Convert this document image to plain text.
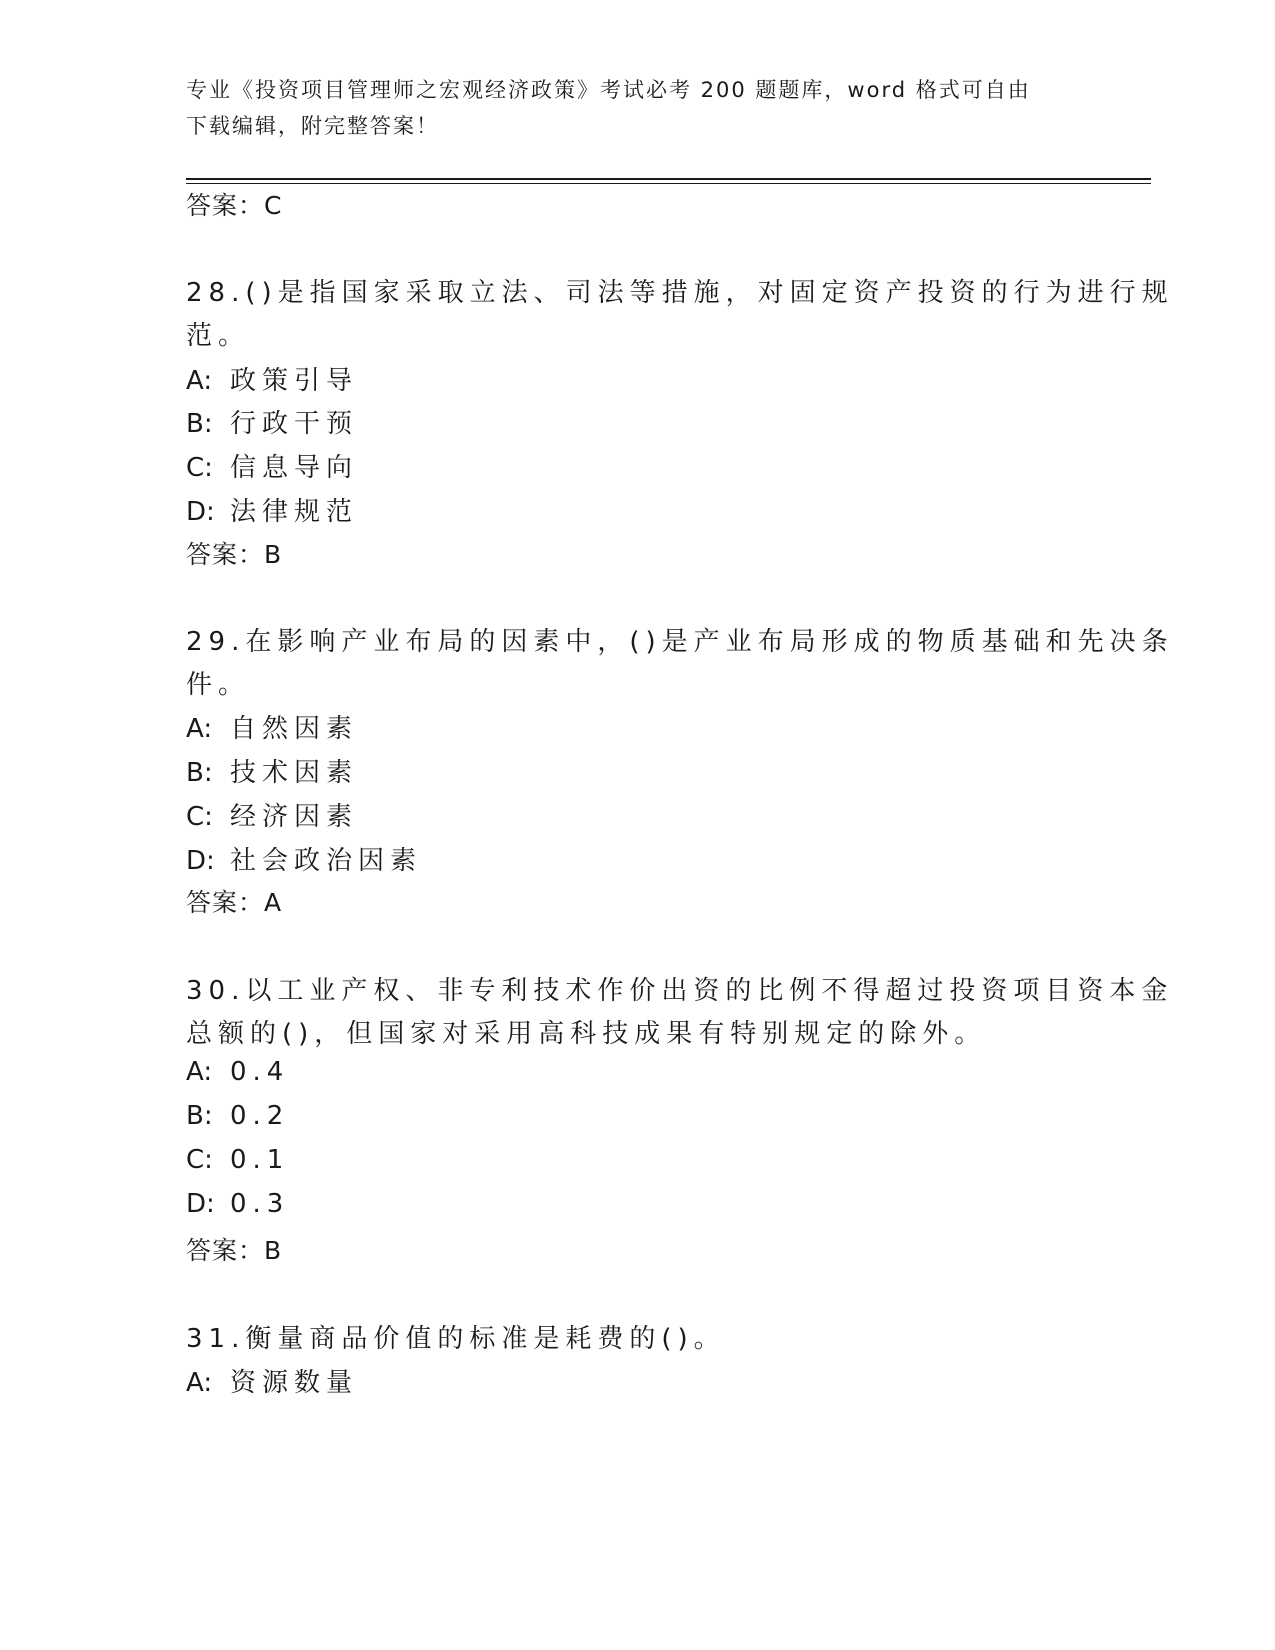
专业《投资项目管理师之宏观经济政策》考试必考 200 题题库，word 格式可自由
下载编辑，附完整答案！
答案：C
28.()是指国家采取立法、司法等措施，对固定资产投资的行为进行规
范。
A: 政策引导
B: 行政干预
C: 信息导向
D: 法律规范
答案：B
29.在影响产业布局的因素中，()是产业布局形成的物质基础和先决条
件。
A: 自然因素
B: 技术因素
C: 经济因素
D: 社会政治因素
答案：A
30.以工业产权、非专利技术作价出资的比例不得超过投资项目资本金
总额的()，但国家对采用高科技成果有特别规定的除外。
A: 0.4
B: 0.2
C: 0.1
D: 0.3
答案：B
31.衡量商品价值的标准是耗费的()。
A: 资源数量
